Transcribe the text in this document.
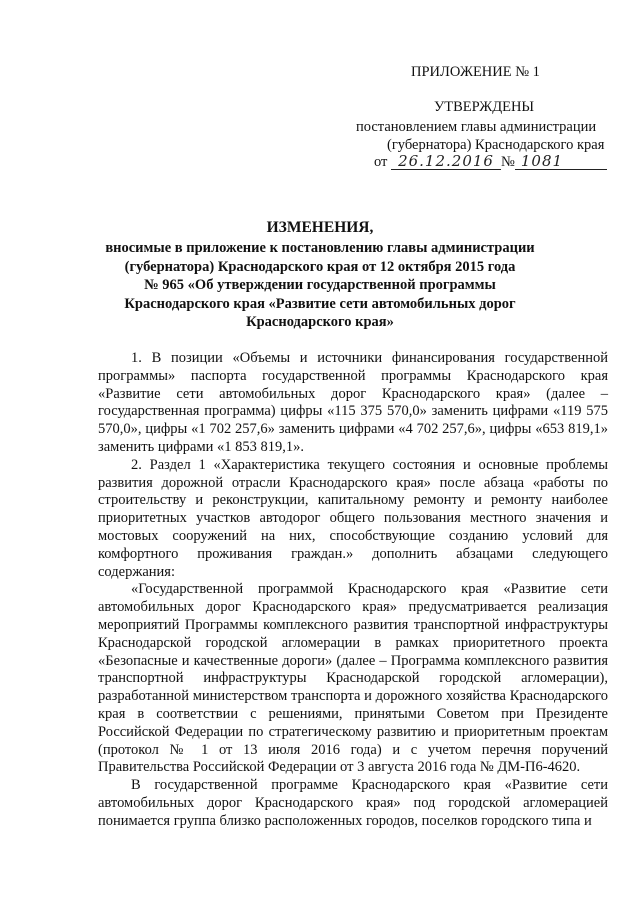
ПРИЛОЖЕНИЕ № 1
УТВЕРЖДЕНЫ
постановлением главы администрации
(губернатора) Краснодарского края
от 26.12.2016 № 1081
ИЗМЕНЕНИЯ,
вносимые в приложение к постановлению главы администрации
(губернатора) Краснодарского края от 12 октября 2015 года
№ 965 «Об утверждении государственной программы
Краснодарского края «Развитие сети автомобильных дорог
Краснодарского края»

1. В позиции «Объемы и источники финансирования государственной программы» паспорта государственной программы Краснодарского края «Развитие сети автомобильных дорог Краснодарского края» (далее – государственная программа) цифры «115 375 570,0» заменить цифрами «119 575 570,0», цифры «1 702 257,6» заменить цифрами «4 702 257,6», цифры «653 819,1» заменить цифрами «1 853 819,1».

2. Раздел 1 «Характеристика текущего состояния и основные проблемы развития дорожной отрасли Краснодарского края» после абзаца «работы по строительству и реконструкции, капитальному ремонту и ремонту наиболее приоритетных участков автодорог общего пользования местного значения и мостовых сооружений на них, способствующие созданию условий для комфортного проживания граждан.» дополнить абзацами следующего содержания:

«Государственной программой Краснодарского края «Развитие сети автомобильных дорог Краснодарского края» предусматривается реализация мероприятий Программы комплексного развития транспортной инфраструктуры Краснодарской городской агломерации в рамках приоритетного проекта «Безопасные и качественные дороги» (далее – Программа комплексного развития транспортной инфраструктуры Краснодарской городской агломерации), разработанной министерством транспорта и дорожного хозяйства Краснодарского края в соответствии с решениями, принятыми Советом при Президенте Российской Федерации по стратегическому развитию и приоритетным проектам (протокол № 1 от 13 июля 2016 года) и с учетом перечня поручений Правительства Российской Федерации от 3 августа 2016 года № ДМ-П6-4620.

В государственной программе Краснодарского края «Развитие сети автомобильных дорог Краснодарского края» под городской агломерацией понимается группа близко расположенных городов, поселков городского типа и
